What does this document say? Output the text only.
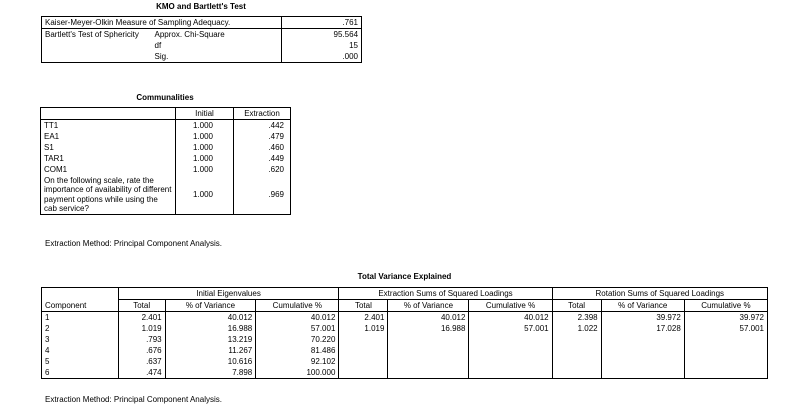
KMO and Bartlett's Test
Kaiser-Meyer-Olkin Measure of Sampling Adequacy.		.761
Bartlett's Test of Sphericity	Approx. Chi-Square	95.564
	df	15
	Sig.	.000
Communalities
	Initial	Extraction
TT1	1.000	.442
EA1	1.000	.479
S1	1.000	.460
TAR1	1.000	.449
COM1	1.000	.620
On the following scale, rate the importance of availability of different payment options while using the cab service?	1.000	.969
Extraction Method: Principal Component Analysis.
Total Variance Explained
Component	Initial Eigenvalues			Extraction Sums of Squared Loadings			Rotation Sums of Squared Loadings		
	Total	% of Variance	Cumulative %	Total	% of Variance	Cumulative %	Total	% of Variance	Cumulative %
1	2.401	40.012	40.012	2.401	40.012	40.012	2.398	39.972	39.972
2	1.019	16.988	57.001	1.019	16.988	57.001	1.022	17.028	57.001
3	.793	13.219	70.220						
4	.676	11.267	81.486						
5	.637	10.616	92.102						
6	.474	7.898	100.000						
Extraction Method: Principal Component Analysis.
